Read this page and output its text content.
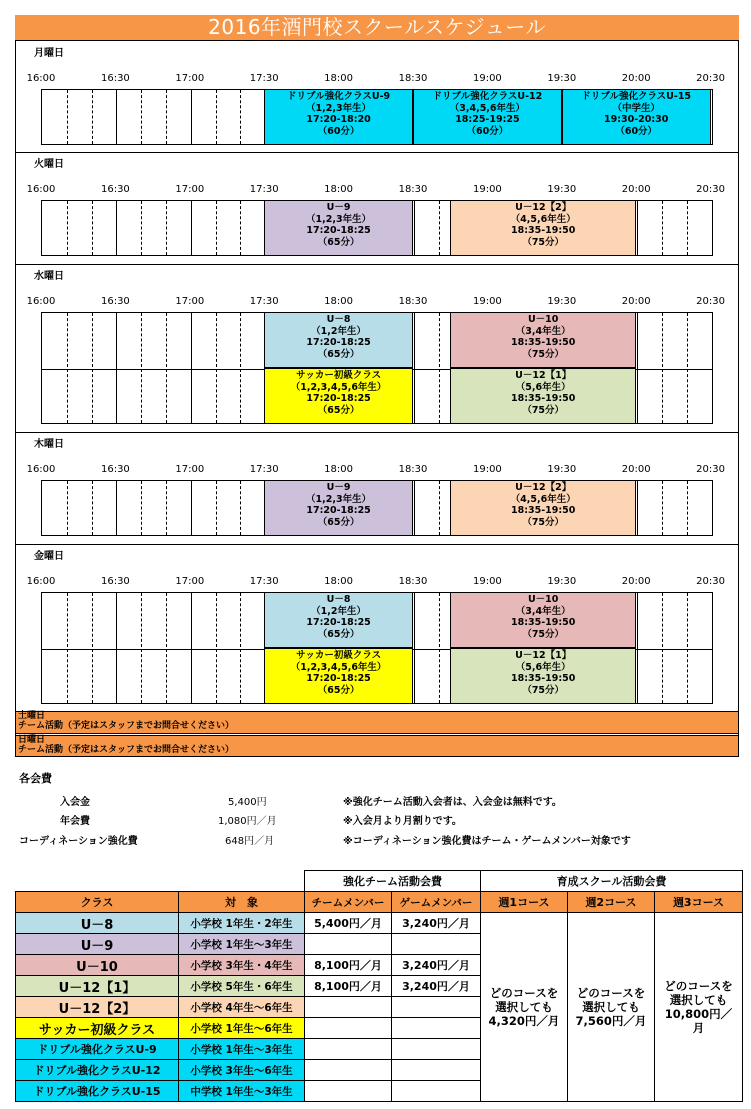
2016年酒門校スクールスケジュール
月曜日
16:00	16:30	17:00	17:30	18:00	18:30	19:00	19:30	20:00	20:30
ドリブル強化クラスU-9
（1,2,3年生）
17:20-18:20
（60分）
ドリブル強化クラスU-12
（3,4,5,6年生）
18:25-19:25
（60分）
ドリブル強化クラスU-15
（中学生）
19:30-20:30
（60分）
火曜日
16:00	16:30	17:00	17:30	18:00	18:30	19:00	19:30	20:00	20:30
U－9
（1,2,3年生）
17:20-18:25
（65分）
U－12【2】
（4,5,6年生）
18:35-19:50
（75分）
水曜日
16:00	16:30	17:00	17:30	18:00	18:30	19:00	19:30	20:00	20:30
U－8
（1,2年生）
17:20-18:25
（65分）
U－10
（3,4年生）
18:35-19:50
（75分）
サッカー初級クラス
（1,2,3,4,5,6年生）
17:20-18:25
（65分）
U－12【1】
（5,6年生）
18:35-19:50
（75分）
木曜日
16:00	16:30	17:00	17:30	18:00	18:30	19:00	19:30	20:00	20:30
U－9
（1,2,3年生）
17:20-18:25
（65分）
U－12【2】
（4,5,6年生）
18:35-19:50
（75分）
金曜日
16:00	16:30	17:00	17:30	18:00	18:30	19:00	19:30	20:00	20:30
U－8
（1,2年生）
17:20-18:25
（65分）
U－10
（3,4年生）
18:35-19:50
（75分）
サッカー初級クラス
（1,2,3,4,5,6年生）
17:20-18:25
（65分）
U－12【1】
（5,6年生）
18:35-19:50
（75分）
土曜日
チーム活動（予定はスタッフまでお問合せください）
日曜日
チーム活動（予定はスタッフまでお問合せください）
各会費
入会金	5,400円	※強化チーム活動入会者は、入会金は無料です。
年会費	1,080円／月	※入会月より月割りです。
コーディネーション強化費	648円／月	※コーディネーション強化費はチーム・ゲームメンバー対象です
		強化チーム活動会費		育成スクール活動会費		
クラス	対　象	チームメンバー	ゲームメンバー	週1コース	週2コース	週3コース
U－8	小学校 1年生・2年生	5,400円／月	3,240円／月	どのコースを選択しても4,320円／月	どのコースを選択しても7,560円／月	どのコースを選択しても10,800円／月
U－9	小学校 1年生～3年生					
U－10	小学校 3年生・4年生	8,100円／月	3,240円／月			
U－12【1】	小学校 5年生・6年生	8,100円／月	3,240円／月			
U－12【2】	小学校 4年生～6年生					
サッカー初級クラス	小学校 1年生～6年生					
ドリブル強化クラスU-9	小学校 1年生～3年生					
ドリブル強化クラスU-12	小学校 3年生～6年生					
ドリブル強化クラスU-15	中学校 1年生～3年生					
